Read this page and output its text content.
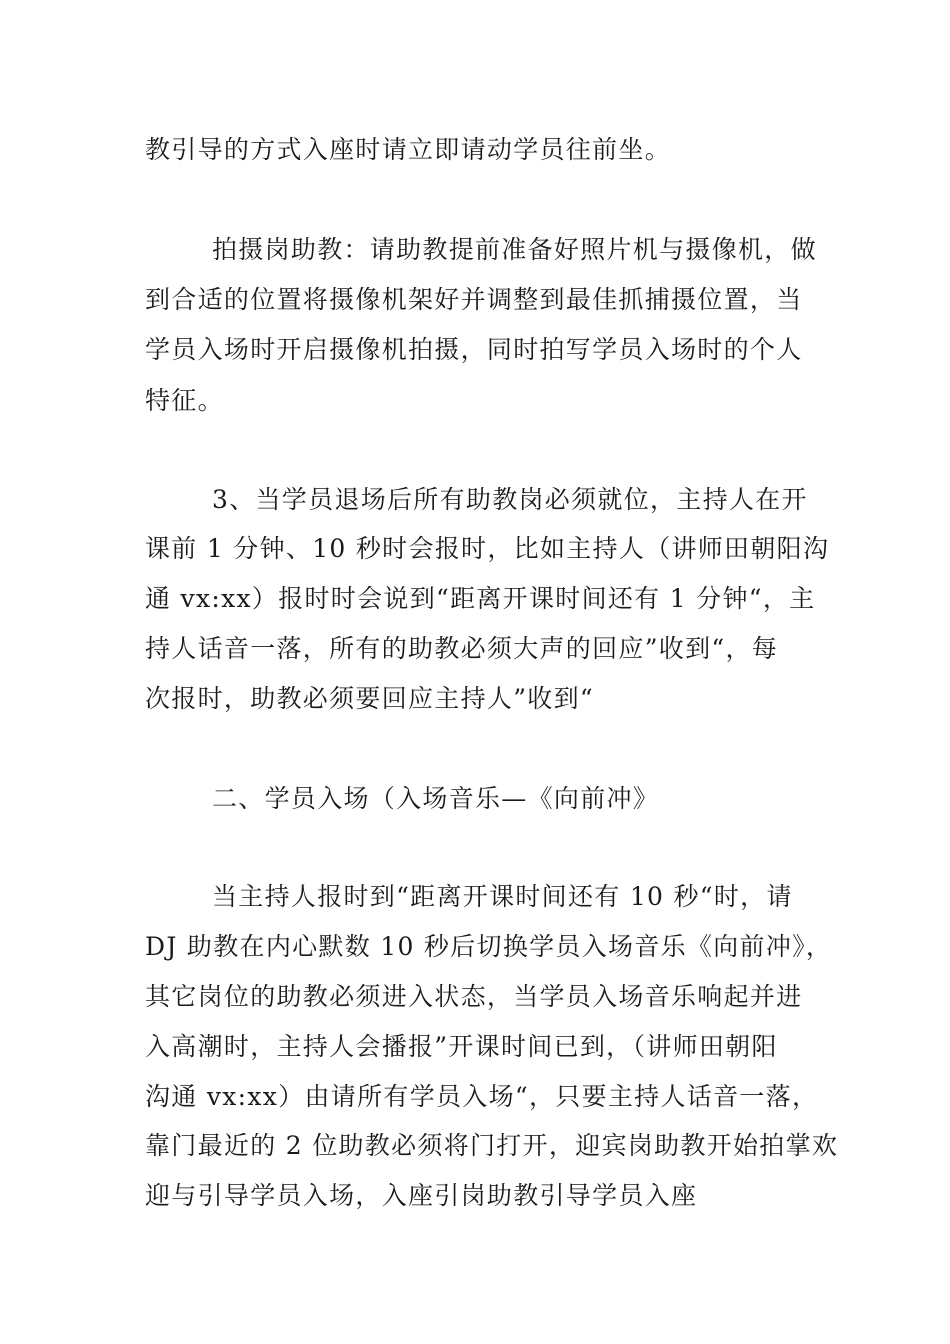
教引导的方式入座时请立即请动学员往前坐。
拍摄岗助教：请助教提前准备好照片机与摄像机，做
到合适的位置将摄像机架好并调整到最佳抓捕摄位置，当
学员入场时开启摄像机拍摄，同时拍写学员入场时的个人
特征。
3、当学员退场后所有助教岗必须就位，主持人在开
课前 1 分钟、10 秒时会报时，比如主持人（讲师田朝阳沟
通 vx:xx）报时时会说到“距离开课时间还有 1 分钟“，主
持人话音一落，所有的助教必须大声的回应”收到“，每
次报时，助教必须要回应主持人”收到“
二、学员入场（入场音乐—《向前冲》
当主持人报时到“距离开课时间还有 10 秒“时，请
DJ 助教在内心默数 10 秒后切换学员入场音乐《向前冲》，
其它岗位的助教必须进入状态，当学员入场音乐响起并进
入高潮时，主持人会播报”开课时间已到，（讲师田朝阳
沟通 vx:xx）由请所有学员入场“，只要主持人话音一落，
靠门最近的 2 位助教必须将门打开，迎宾岗助教开始拍掌欢
迎与引导学员入场，入座引岗助教引导学员入座
